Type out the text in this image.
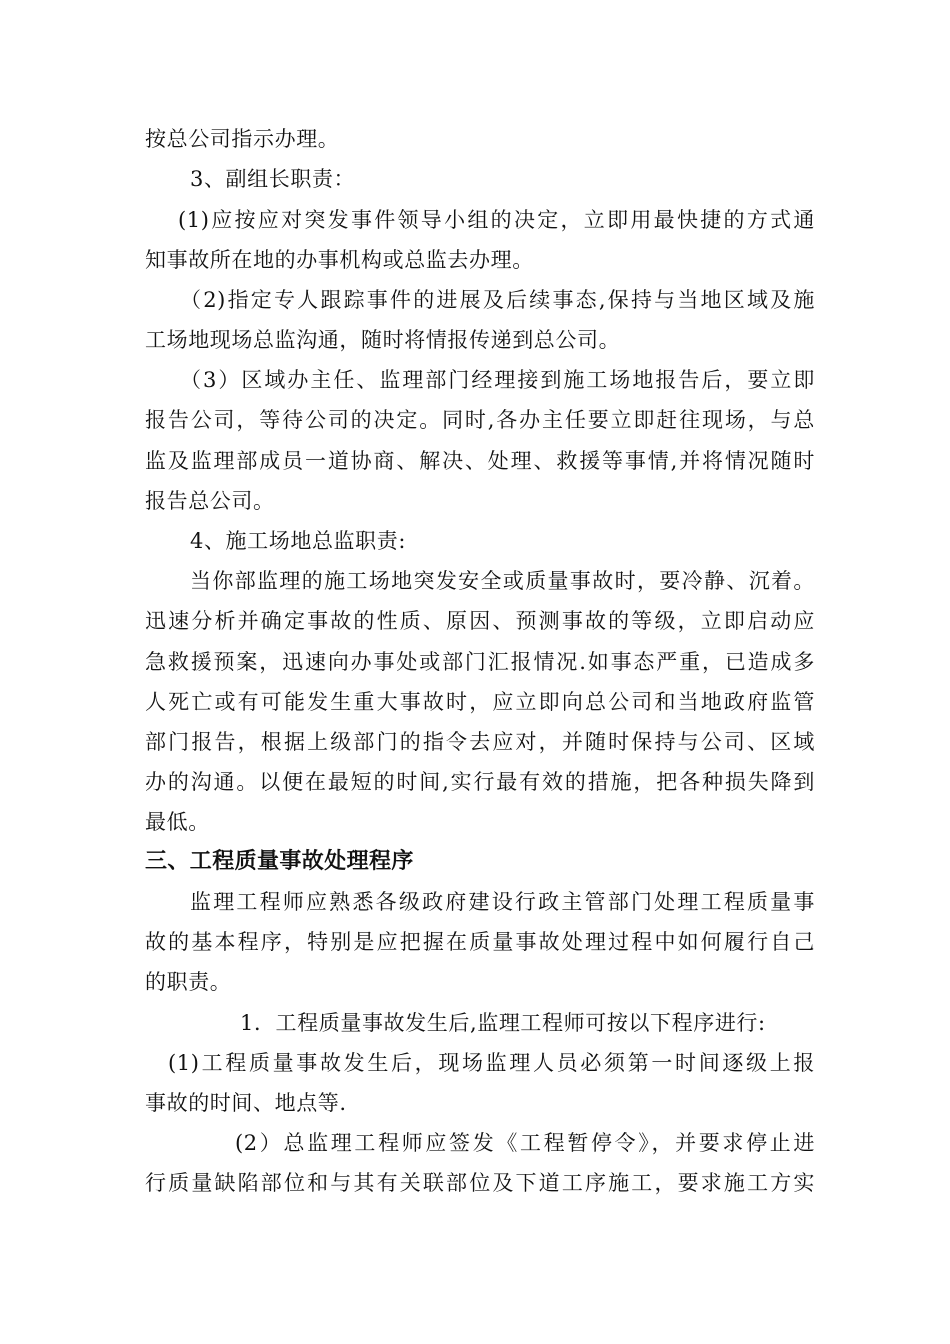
按总公司指示办理。
3、副组长职责：
(1)应按应对突发事件领导小组的决定，立即用最快捷的方式通
知事故所在地的办事机构或总监去办理。
（2)指定专人跟踪事件的进展及后续事态,保持与当地区域及施
工场地现场总监沟通，随时将情报传递到总公司。
（3）区域办主任、监理部门经理接到施工场地报告后，要立即
报告公司，等待公司的决定。同时,各办主任要立即赶往现场，与总
监及监理部成员一道协商、解决、处理、救援等事情,并将情况随时
报告总公司。
4、施工场地总监职责:
当你部监理的施工场地突发安全或质量事故时，要冷静、沉着。
迅速分析并确定事故的性质、原因、预测事故的等级，立即启动应
急救援预案，迅速向办事处或部门汇报情况.如事态严重，已造成多
人死亡或有可能发生重大事故时，应立即向总公司和当地政府监管
部门报告，根据上级部门的指令去应对，并随时保持与公司、区域
办的沟通。以便在最短的时间,实行最有效的措施，把各种损失降到
最低。
三、工程质量事故处理程序
监理工程师应熟悉各级政府建设行政主管部门处理工程质量事
故的基本程序，特别是应把握在质量事故处理过程中如何履行自己
的职责。
1．工程质量事故发生后,监理工程师可按以下程序进行:
(1)工程质量事故发生后，现场监理人员必须第一时间逐级上报
事故的时间、地点等.
(2）总监理工程师应签发《工程暂停令》，并要求停止进
行质量缺陷部位和与其有关联部位及下道工序施工，要求施工方实
